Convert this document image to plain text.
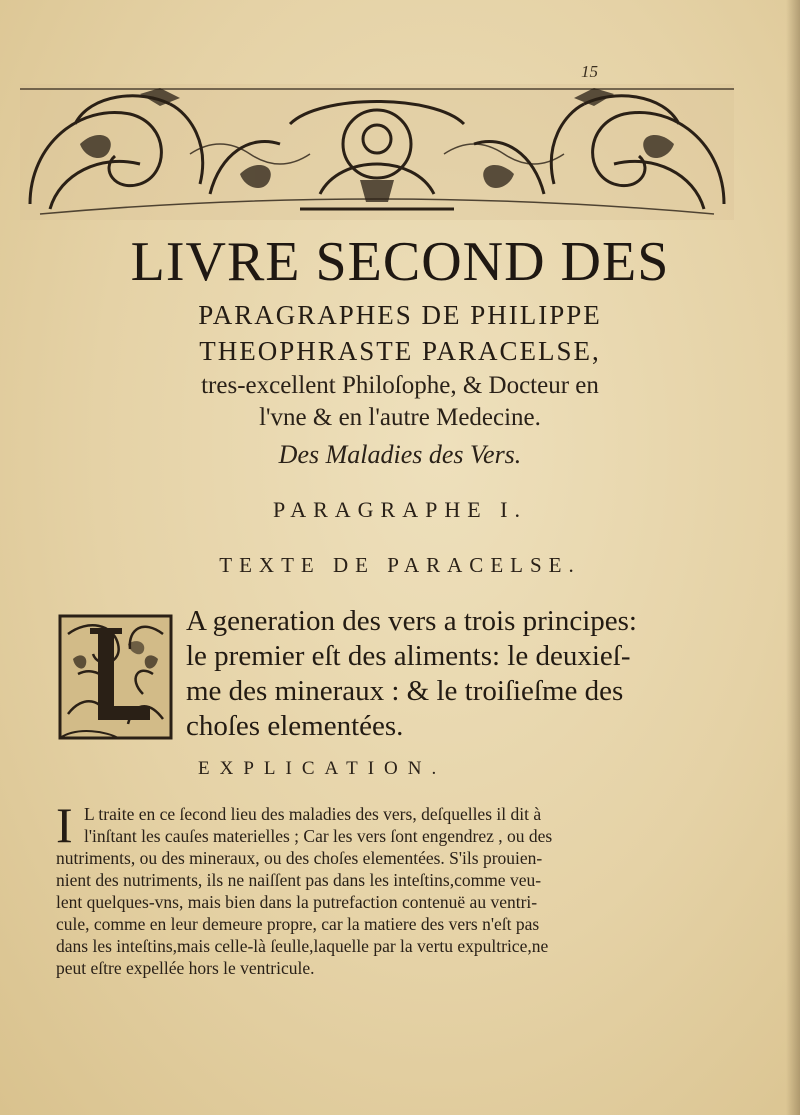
15
LIVRE SECOND DES
PARAGRAPHES DE PHILIPPE
THEOPHRASTE PARACELSE,
tres-excellent Philoſophe, & Docteur en
l'vne & en l'autre Medecine.
Des Maladies des Vers.
PARAGRAPHE I.
TEXTE DE PARACELSE.
A generation des vers a trois principes:
le premier eſt des aliments: le deuxieſ-
me des mineraux : & le troiſieſme des
choſes elementées.
EXPLICATION.
I L traite en ce ſecond lieu des maladies des vers, deſquelles il dit à
l'inſtant les cauſes materielles ; Car les vers ſont engendrez , ou des
nutriments, ou des mineraux, ou des choſes elementées. S'ils prouien-
nient des nutriments, ils ne naiſſent pas dans les inteſtins,comme veu-
lent quelques-vns, mais bien dans la putrefaction contenuë au ventri-
cule, comme en leur demeure propre, car la matiere des vers n'eſt pas
dans les inteſtins,mais celle-là ſeulle,laquelle par la vertu expultrice,ne
peut eſtre expellée hors le ventricule.
